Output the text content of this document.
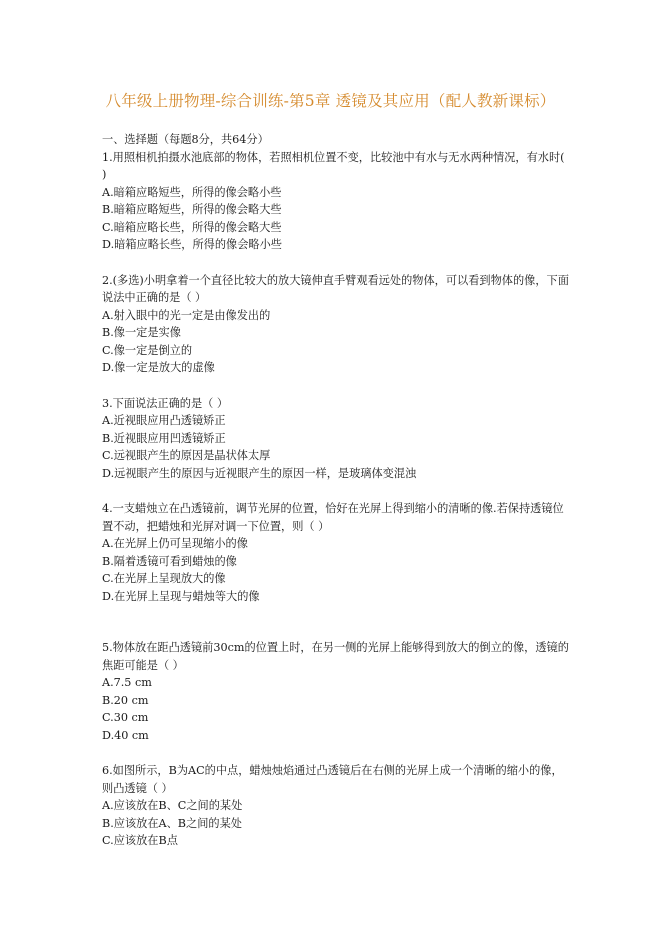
八年级上册物理-综合训练-第5章 透镜及其应用（配人教新课标）

一、选择题（每题8分，共64分）

1.用照相机拍摄水池底部的物体，若照相机位置不变，比较池中有水与无水两种情况，有水时( )

A.暗箱应略短些，所得的像会略小些

B.暗箱应略短些，所得的像会略大些

C.暗箱应略长些，所得的像会略大些

D.暗箱应略长些，所得的像会略小些

2.(多选)小明拿着一个直径比较大的放大镜伸直手臂观看远处的物体，可以看到物体的像，下面说法中正确的是（ ）

A.射入眼中的光一定是由像发出的

B.像一定是实像

C.像一定是倒立的

D.像一定是放大的虚像

3.下面说法正确的是（ ）

A.近视眼应用凸透镜矫正

B.近视眼应用凹透镜矫正

C.远视眼产生的原因是晶状体太厚

D.远视眼产生的原因与近视眼产生的原因一样，是玻璃体变混浊

4.一支蜡烛立在凸透镜前，调节光屏的位置，恰好在光屏上得到缩小的清晰的像.若保持透镜位置不动，把蜡烛和光屏对调一下位置，则（ ）

A.在光屏上仍可呈现缩小的像

B.隔着透镜可看到蜡烛的像

C.在光屏上呈现放大的像

D.在光屏上呈现与蜡烛等大的像

5.物体放在距凸透镜前30cm的位置上时，在另一侧的光屏上能够得到放大的倒立的像，透镜的焦距可能是（ ）

A.7.5 cm

B.20 cm

C.30 cm

D.40 cm

6.如图所示，B为AC的中点，蜡烛烛焰通过凸透镜后在右侧的光屏上成一个清晰的缩小的像，则凸透镜（ ）

A.应该放在B、C之间的某处

B.应该放在A、B之间的某处

C.应该放在B点
